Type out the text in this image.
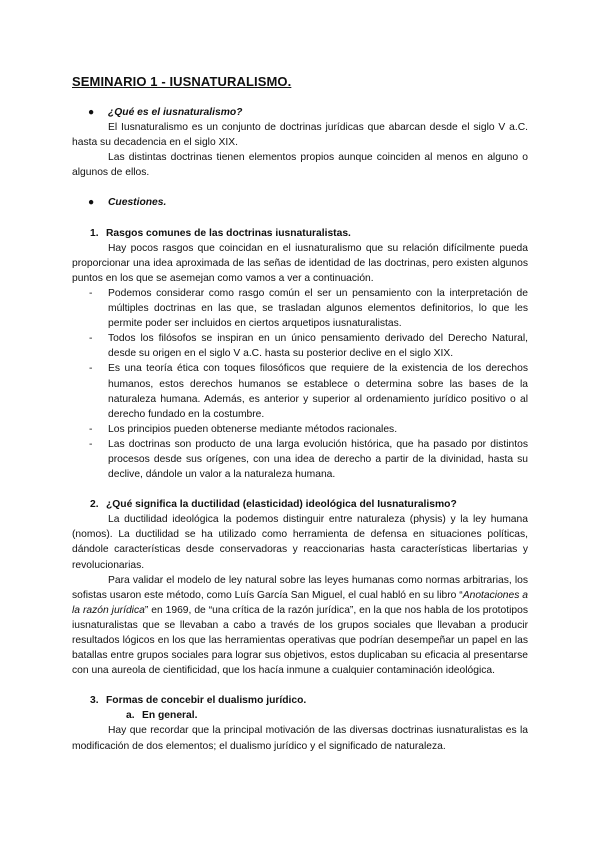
SEMINARIO 1 - IUSNATURALISMO.
●	¿Qué es el iusnaturalismo?

El Iusnaturalismo es un conjunto de doctrinas jurídicas que abarcan desde el siglo V a.C. hasta su decadencia en el siglo XIX.

Las distintas doctrinas tienen elementos propios aunque coinciden al menos en alguno o algunos de ellos.

●	Cuestiones.
1. Rasgos comunes de las doctrinas iusnaturalistas.

Hay pocos rasgos que coincidan en el iusnaturalismo que su relación difícilmente pueda proporcionar una idea aproximada de las señas de identidad de las doctrinas, pero existen algunos puntos en los que se asemejan como vamos a ver a continuación.

-	Podemos considerar como rasgo común el ser un pensamiento con la interpretación de múltiples doctrinas en las que, se trasladan algunos elementos definitorios, lo que les permite poder ser incluidos en ciertos arquetipos iusnaturalistas.

-	Todos los filósofos se inspiran en un único pensamiento derivado del Derecho Natural, desde su origen en el siglo V a.C. hasta su posterior declive en el siglo XIX.

-	Es una teoría ética con toques filosóficos que requiere de la existencia de los derechos humanos, estos derechos humanos se establece o determina sobre las bases de la naturaleza humana. Además, es anterior y superior al ordenamiento jurídico positivo o al derecho fundado en la costumbre.

-	Los principios pueden obtenerse mediante métodos racionales.

-	Las doctrinas son producto de una larga evolución histórica, que ha pasado por distintos procesos desde sus orígenes, con una idea de derecho a partir de la divinidad, hasta su declive, dándole un valor a la naturaleza humana.

2. ¿Qué significa la ductilidad (elasticidad) ideológica del Iusnaturalismo?

La ductilidad ideológica la podemos distinguir entre naturaleza (physis) y la ley humana (nomos). La ductilidad se ha utilizado como herramienta de defensa en situaciones políticas, dándole características desde conservadoras y reaccionarias hasta características libertarias y revolucionarias.

Para validar el modelo de ley natural sobre las leyes humanas como normas arbitrarias, los sofistas usaron este método, como Luís García San Miguel, el cual habló en su libro “Anotaciones a la razón jurídica” en 1969, de “una crítica de la razón jurídica”, en la que nos habla de los prototipos iusnaturalistas que se llevaban a cabo a través de los grupos sociales que llevaban a producir resultados lógicos en los que las herramientas operativas que podrían desempeñar un papel en las batallas entre grupos sociales para lograr sus objetivos, estos duplicaban su eficacia al presentarse con una aureola de cientificidad, que los hacía inmune a cualquier contaminación ideológica.

3. Formas de concebir el dualismo jurídico.
a. En general.

Hay que recordar que la principal motivación de las diversas doctrinas iusnaturalistas es la modificación de dos elementos; el dualismo jurídico y el significado de naturaleza.
